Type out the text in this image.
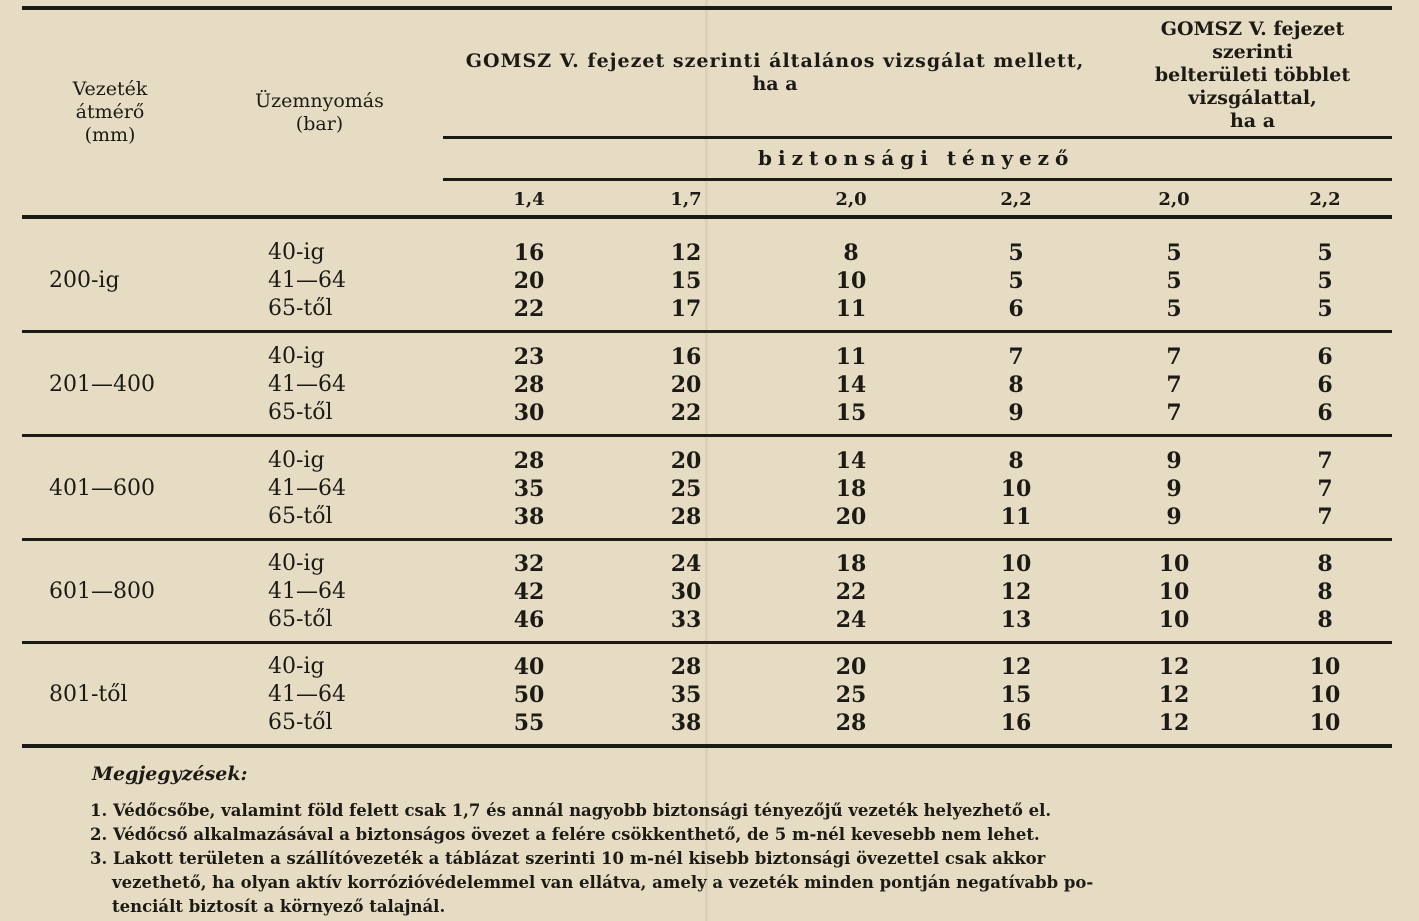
Vezeték
átmérő
(mm)
Üzemnyomás
(bar)
GOMSZ V. fejezet szerinti általános vizsgálat mellett,
ha a
GOMSZ V. fejezet
szerinti
belterületi többlet
vizsgálattal,
ha a
biztonsági tényező
1,4	1,7	2,0	2,2	2,0	2,2
200-ig
40-ig	16	12	8	5	5	5
41—64	20	15	10	5	5	5
65-től	22	17	11	6	5	5
201—400
40-ig	23	16	11	7	7	6
41—64	28	20	14	8	7	6
65-től	30	22	15	9	7	6
401—600
40-ig	28	20	14	8	9	7
41—64	35	25	18	10	9	7
65-től	38	28	20	11	9	7
601—800
40-ig	32	24	18	10	10	8
41—64	42	30	22	12	10	8
65-től	46	33	24	13	10	8
801-től
40-ig	40	28	20	12	12	10
41—64	50	35	25	15	12	10
65-től	55	38	28	16	12	10
Megjegyzések:
1. Védőcsőbe, valamint föld felett csak 1,7 és annál nagyobb biztonsági tényezőjű vezeték helyezhető el.
2. Védőcső alkalmazásával a biztonságos övezet a felére csökkenthető, de 5 m-nél kevesebb nem lehet.
3. Lakott területen a szállítóvezeték a táblázat szerinti 10 m-nél kisebb biztonsági övezettel csak akkor
vezethető, ha olyan aktív korrózióvédelemmel van ellátva, amely a vezeték minden pontján negatívabb po-
tenciált biztosít a környező talajnál.
